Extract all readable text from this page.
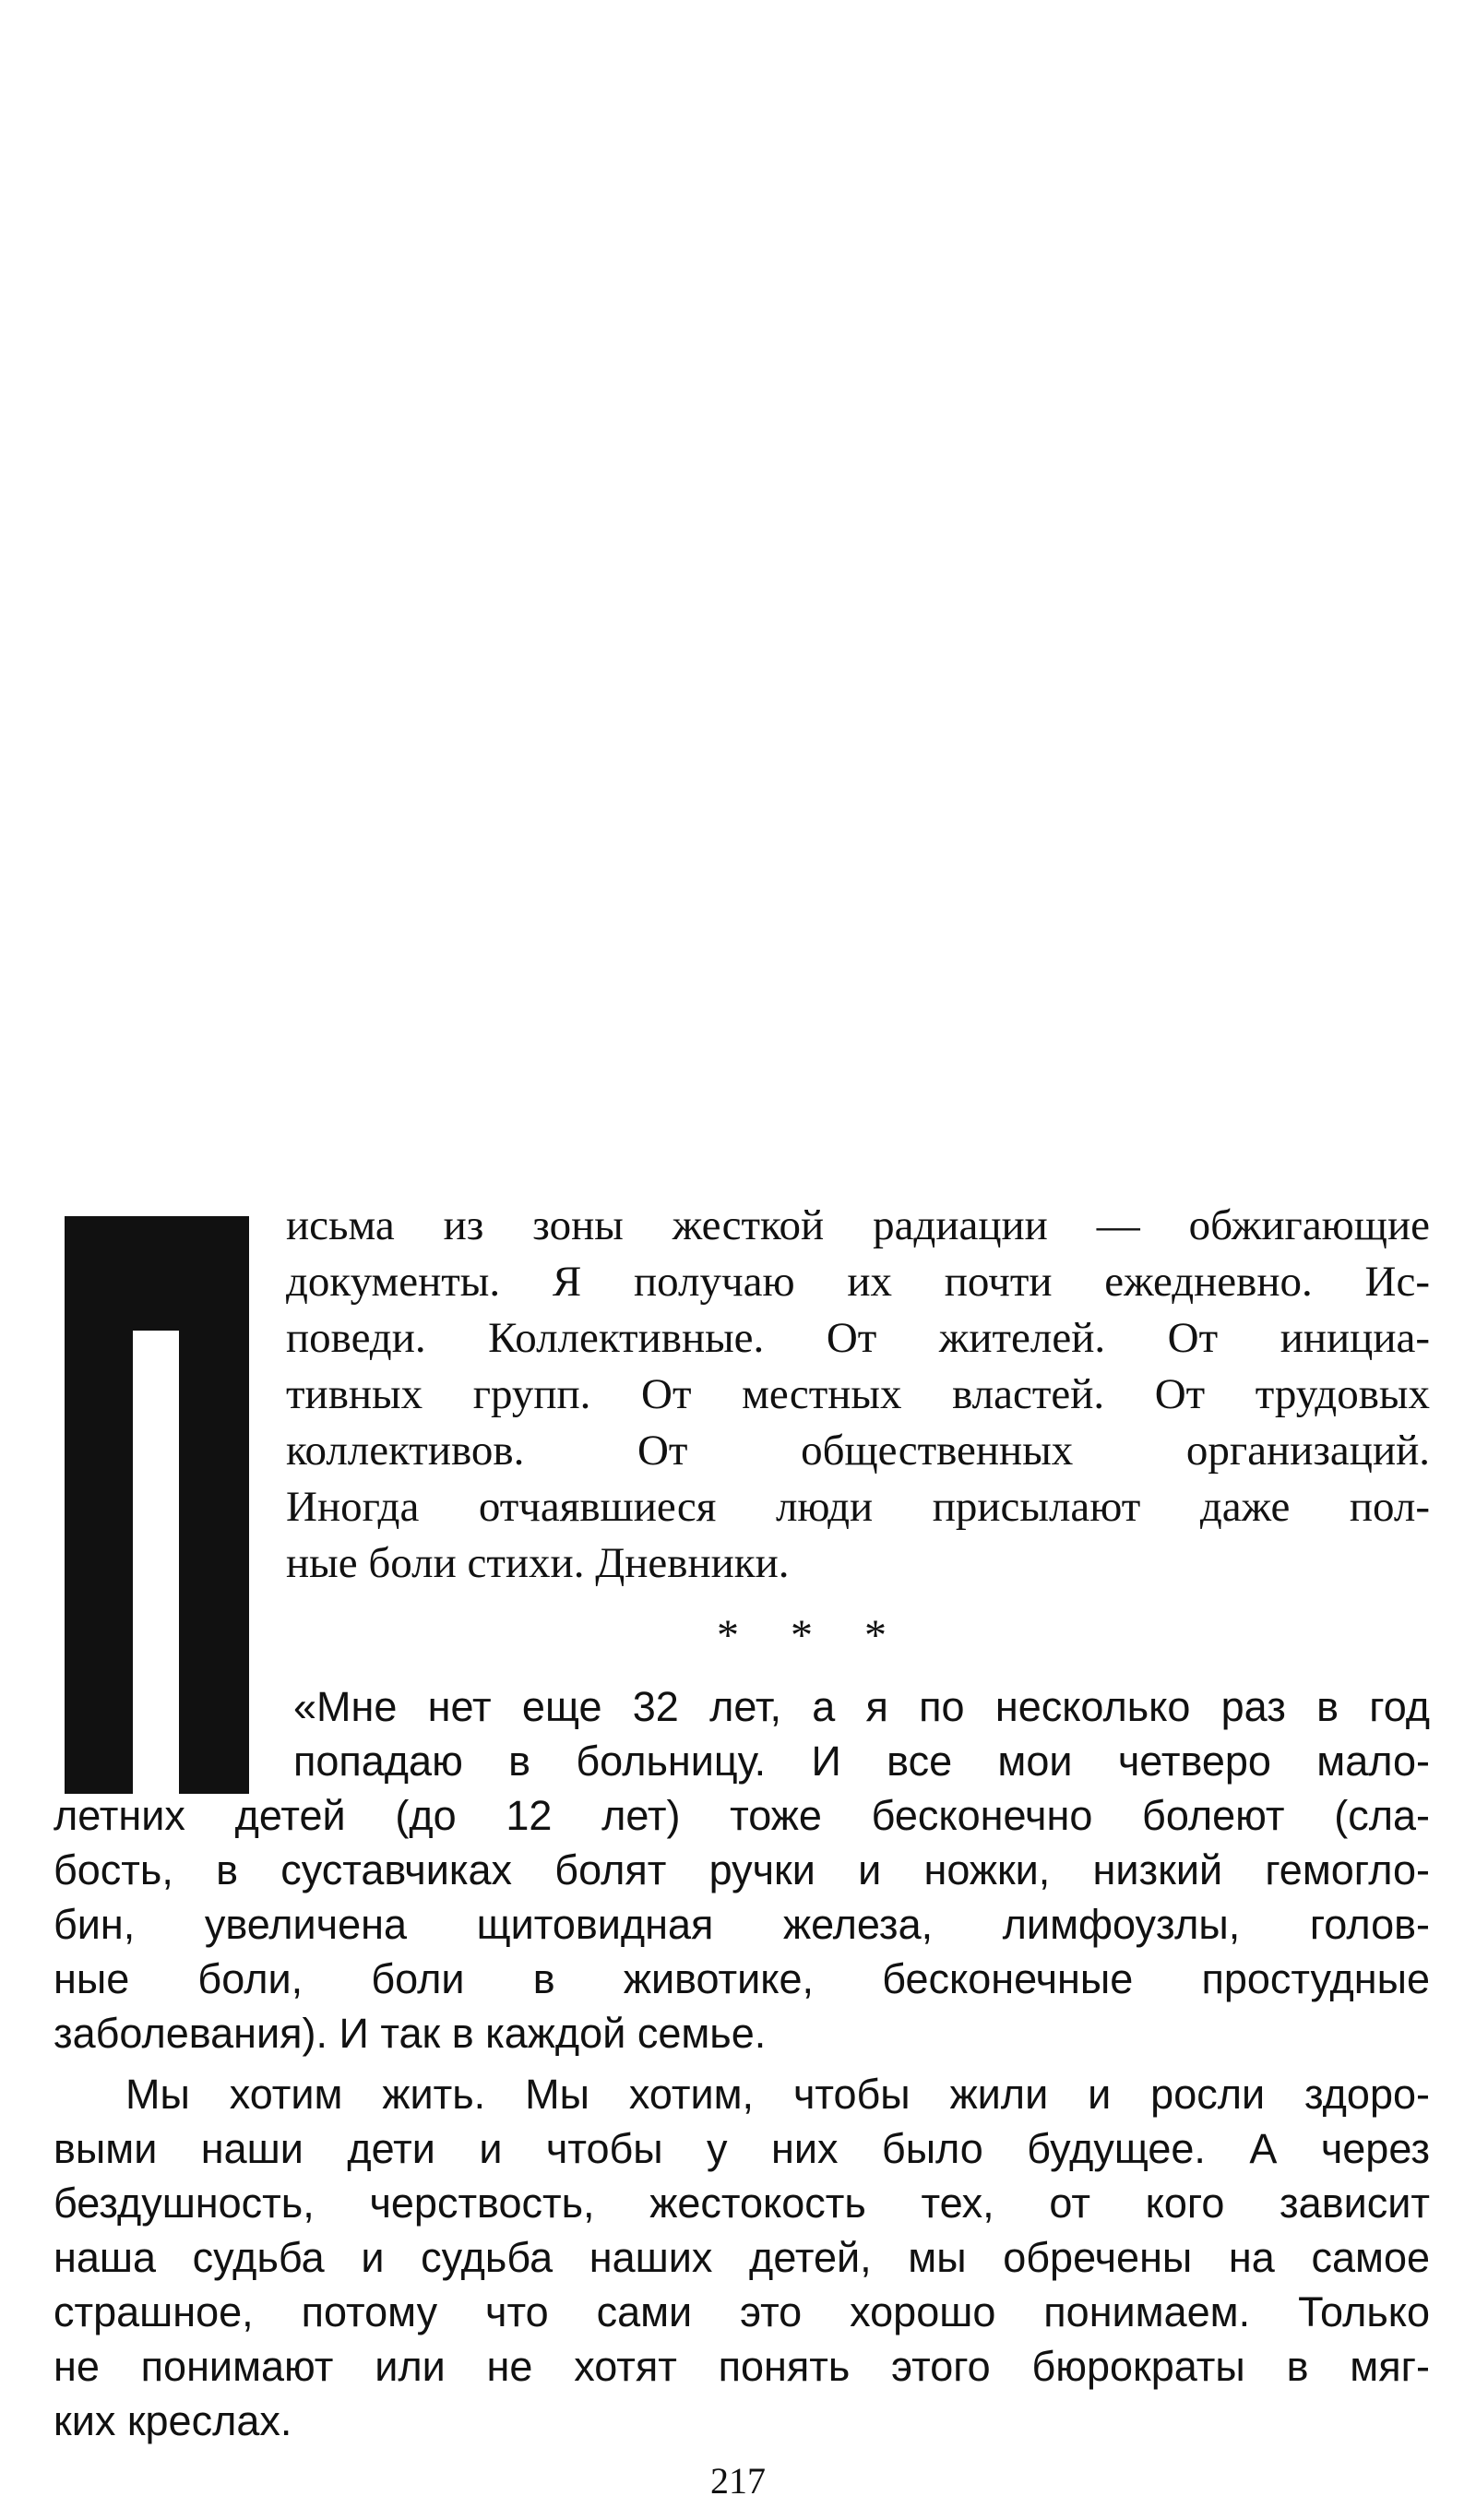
исьма из зоны жесткой радиации — обжигающие
документы. Я получаю их почти ежедневно. Ис-
поведи. Коллективные. От жителей. От инициа-
тивных групп. От местных властей. От трудовых
коллективов. От общественных организаций.
Иногда отчаявшиеся люди присылают даже пол-
ные боли стихи. Дневники.
* * *
«Мне нет еще 32 лет, а я по несколько раз в год
попадаю в больницу. И все мои четверо мало-
летних детей (до 12 лет) тоже бесконечно болеют (сла-
бость, в суставчиках болят ручки и ножки, низкий гемогло-
бин, увеличена щитовидная железа, лимфоузлы, голов-
ные боли, боли в животике, бесконечные простудные
заболевания). И так в каждой семье.
Мы хотим жить. Мы хотим, чтобы жили и росли здоро-
выми наши дети и чтобы у них было будущее. А через
бездушность, черствость, жестокость тех, от кого зависит
наша судьба и судьба наших детей, мы обречены на самое
страшное, потому что сами это хорошо понимаем. Только
не понимают или не хотят понять этого бюрократы в мяг-
ких креслах.
217
